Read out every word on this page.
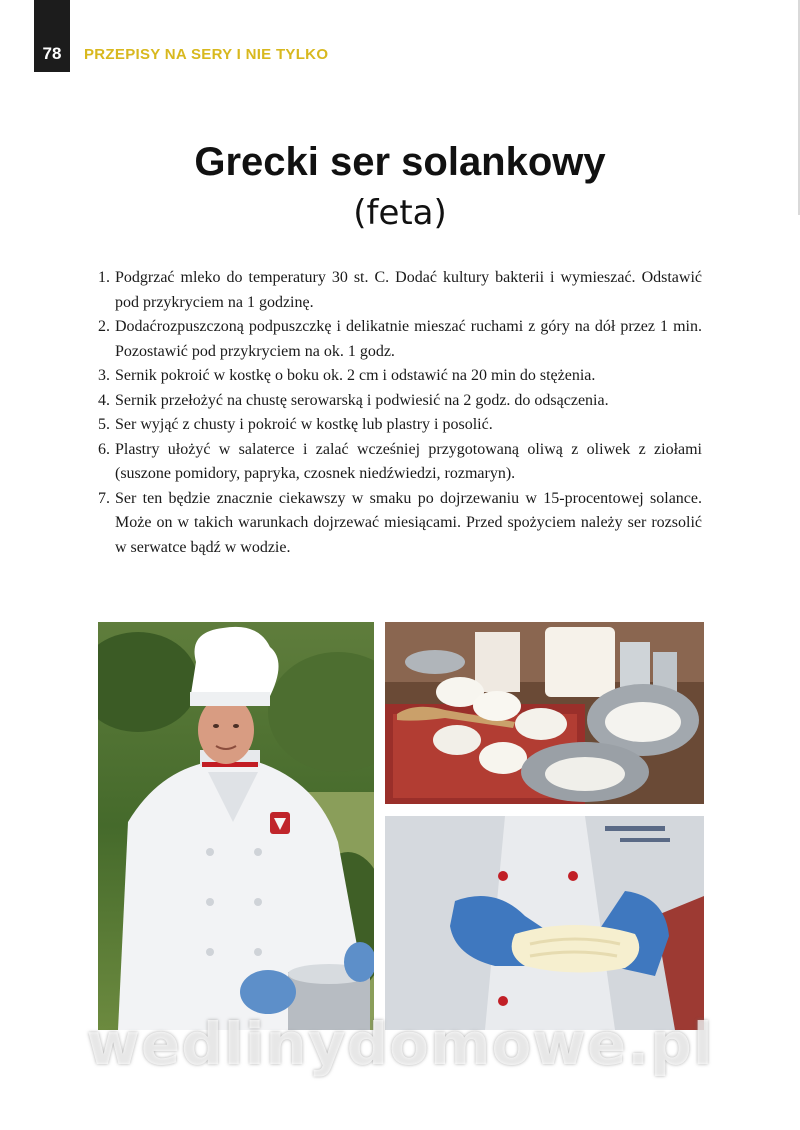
78	PRZEPISY NA SERY I NIE TYLKO
Grecki ser solankowy
(feta)
1. Podgrzać mleko do temperatury 30 st. C. Dodać kultury bakterii i wymieszać. Odstawić pod przykryciem na 1 godzinę.
2. Dodaćrozpuszczoną podpuszczkę i delikatnie mieszać ruchami z góry na dół przez 1 min. Pozostawić pod przykryciem na ok. 1 godz.
3. Sernik pokroić w kostkę o boku ok. 2 cm i odstawić na 20 min do stężenia.
4. Sernik przełożyć na chustę serowarską i podwiesić na 2 godz. do odsączenia.
5. Ser wyjąć z chusty i pokroić w kostkę lub plastry i posolić.
6. Plastry ułożyć w salaterce i zalać wcześniej przygotowaną oliwą z oliwek z ziołami (suszone pomidory, papryka, czosnek niedźwiedzi, rozmaryn).
7. Ser ten będzie znacznie ciekawszy w smaku po dojrzewaniu w 15-procentowej solance. Może on w takich warunkach dojrzewać miesiącami. Przed spożyciem należy ser rozsolić w serwatce bądź w wodzie.
wedlinydomowe.pl
